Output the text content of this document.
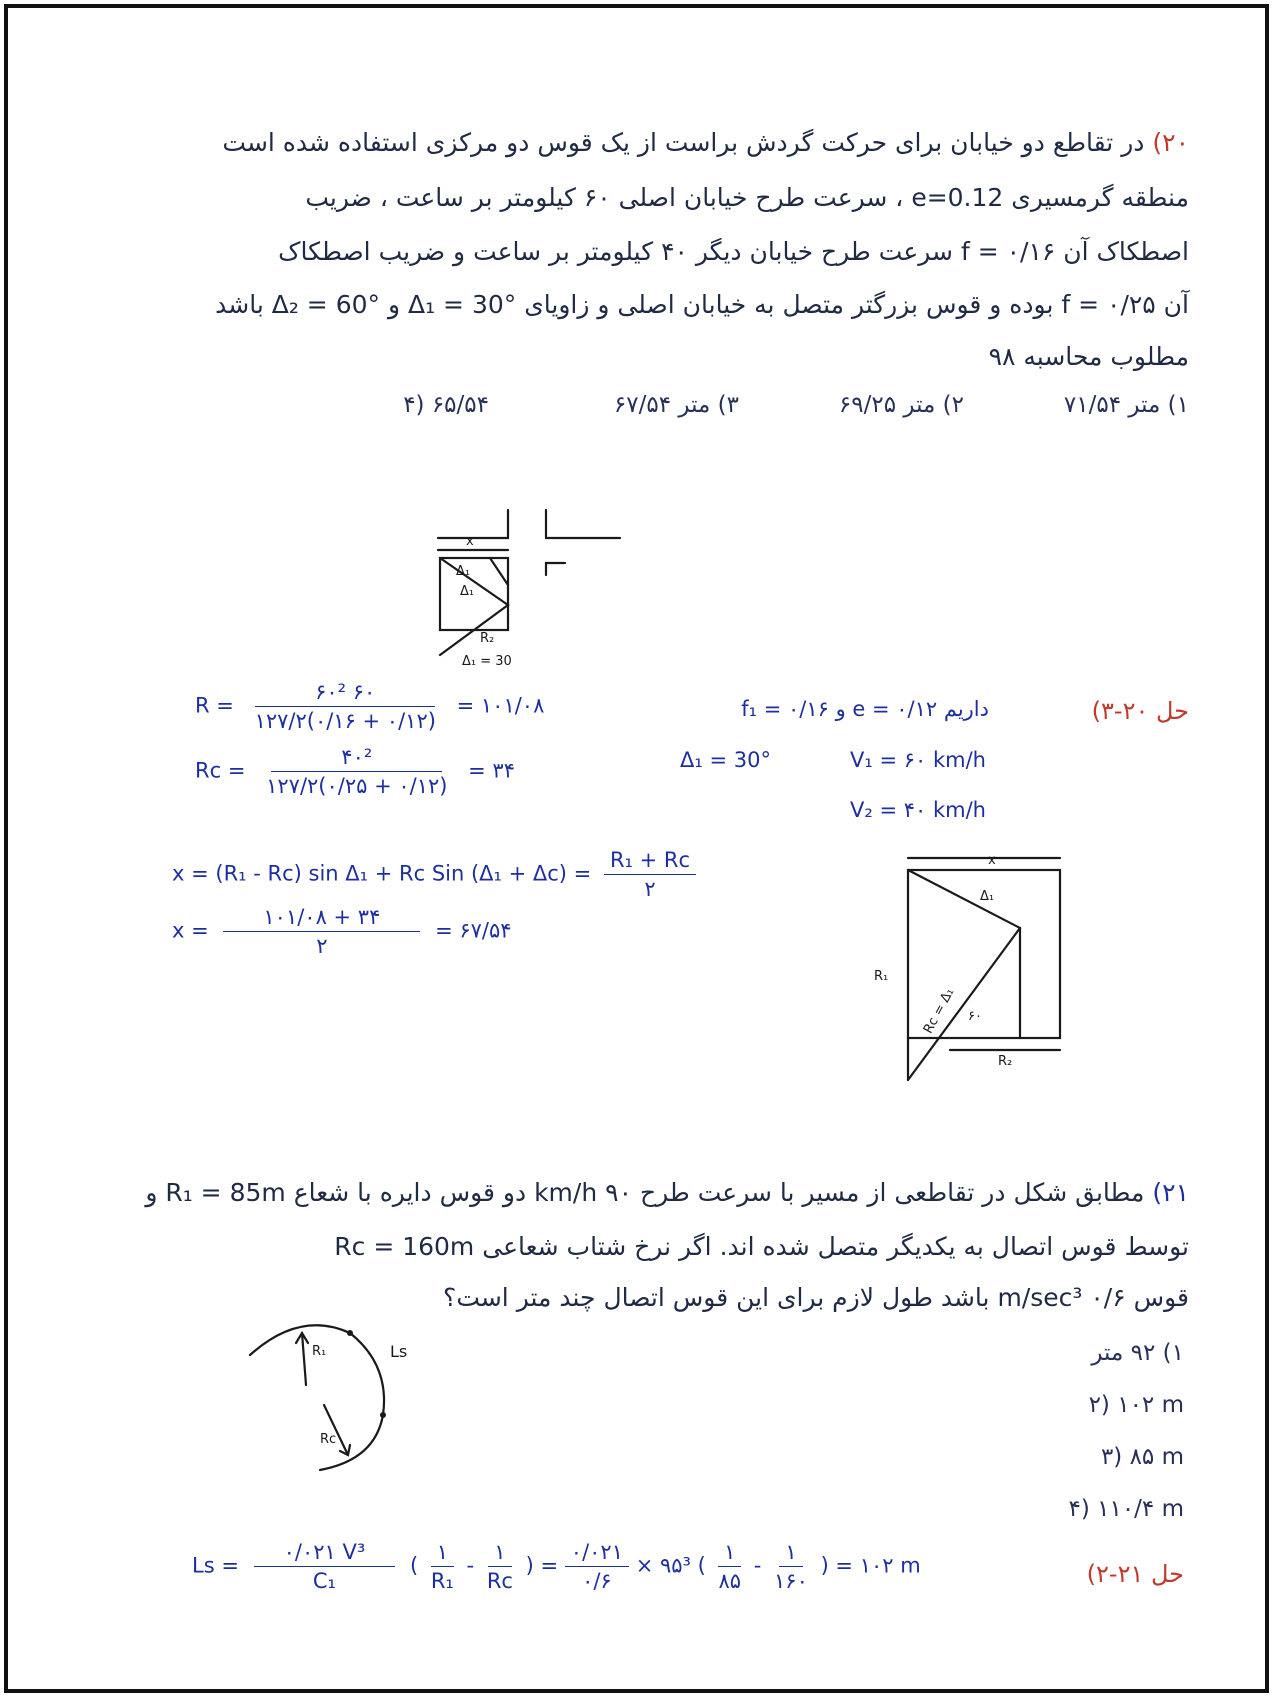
۲۰) در تقاطع دو خیابان برای حرکت گردش براست از یک قوس دو مرکزی استفاده شده است
منطقه گرمسیری e=0.12 ، سرعت طرح خیابان اصلی ۶۰ کیلومتر بر ساعت ، ضریب
اصطکاک آن ۰/۱۶ = f سرعت طرح خیابان دیگر ۴۰ کیلومتر بر ساعت و ضریب اصطکاک
آن ۰/۲۵ = f بوده و قوس بزرگتر متصل به خیابان اصلی و زاویای Δ₁ = 30° و Δ₂ = 60° باشد
مطلوب محاسبه ۹۸
۱) متر ۷۱/۵۴
۲) متر ۶۹/۲۵
۳) متر ۶۷/۵۴
۴) ۶۵/۵۴
x
Δ₁
Δ₁
R₂
Δ₁ = 30
حل ۲۰-۳)
داریم e = ۰/۱۲ و f₁ = ۰/۱۶
Δ₁ = 30°	V₁ = ۶۰ km/h
V₂ = ۴۰ km/h
$R = \frac{\text{۶۰² ۶۰}}{۱۲۷/۲(۰/۱۶ + ۰/۱۲)}$ = ۱۰۱/۰۸
$Rc = \frac{\text{۴۰²}}{۱۲۷/۲(۰/۲۵ + ۰/۱۲)}$ = ۳۴
x = (R₁ - Rc) sin Δ₁ + Rc Sin $(\Delta_1 + \Delta c) = \frac{\text{R₁ + Rc}}{۲}$
$x = \frac{۱۰۱/۰۸ + ۳۴}{۲}$ = ۶۷/۵۴
x
Δ₁
R₁
Rc = Δ₁ ۶۰
R₂
۲۱) مطابق شکل در تقاطعی از مسیر با سرعت طرح ۹۰ km/h دو قوس دایره با شعاع R₁ = 85m و
Rc = 160m توسط قوس اتصال به یکدیگر متصل شده اند. اگر نرخ شتاب شعاعی
قوس ۰/۶ m/sec³ باشد طول لازم برای این قوس اتصال چند متر است؟
۱) ۹۲ متر
۲) ۱۰۲ m
۳) ۸۵ m
۴) ۱۱۰/۴ m
R₁
Rc
Ls
حل ۲۱-۲)
$Ls = \frac{\text{۰/۰۲۱ V³}}{\text{C₁}}$ ( $\frac{۱}{\text{R₁}} - \frac{۱}{Rc}$ ) = $\frac{۰/۰۲۱}{۰/۶}$ × ۹۵³ ( $\frac{۱}{۸۵} - \frac{۱}{۱۶۰}$ ) = ۱۰۲ m
